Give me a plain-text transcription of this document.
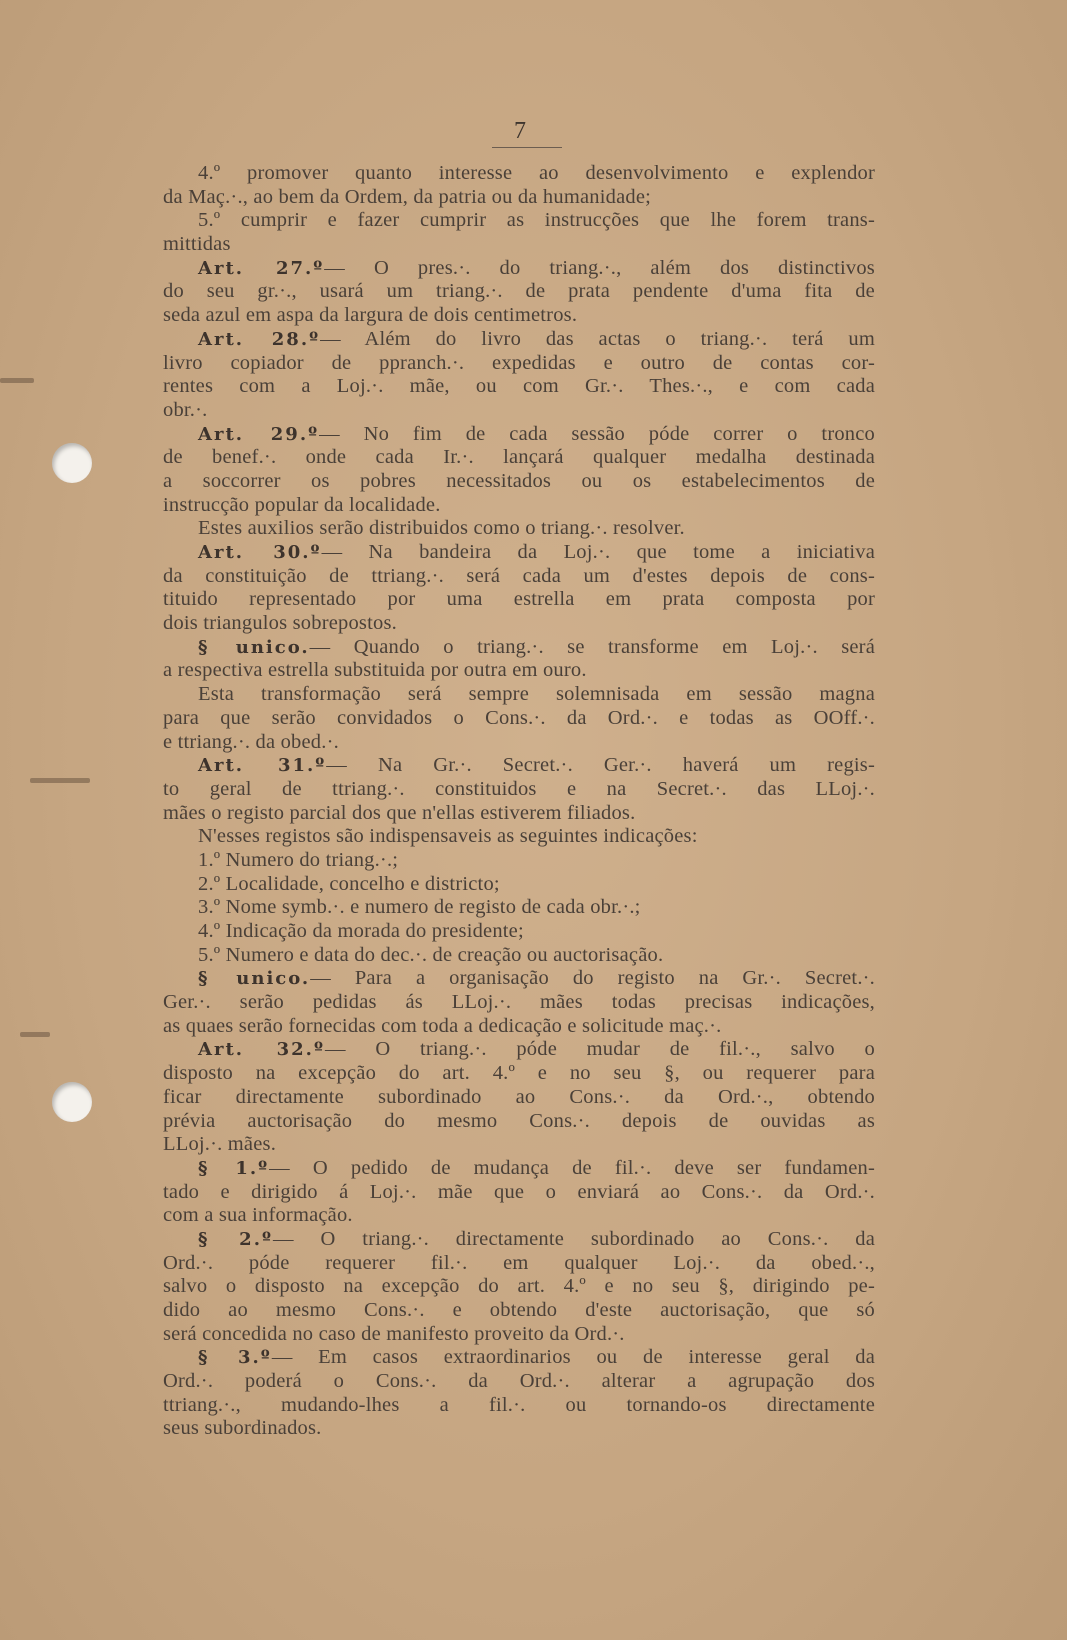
7
4.º promover quanto interesse ao desenvolvimento e explendor
da Maç.·., ao bem da Ordem, da patria ou da humanidade;
5.º cumprir e fazer cumprir as instrucções que lhe forem trans-
mittidas
Art. 27.º— O pres.·. do triang.·., além dos distinctivos
do seu gr.·., usará um triang.·. de prata pendente d'uma fita de
seda azul em aspa da largura de dois centimetros.
Art. 28.º— Além do livro das actas o triang.·. terá um
livro copiador de ppranch.·. expedidas e outro de contas cor-
rentes com a Loj.·. mãe, ou com Gr.·. Thes.·., e com cada
obr.·.
Art. 29.º— No fim de cada sessão póde correr o tronco
de benef.·. onde cada Ir.·. lançará qualquer medalha destinada
a soccorrer os pobres necessitados ou os estabelecimentos de
instrucção popular da localidade.
Estes auxilios serão distribuidos como o triang.·. resolver.
Art. 30.º— Na bandeira da Loj.·. que tome a iniciativa
da constituição de ttriang.·. será cada um d'estes depois de cons-
tituido representado por uma estrella em prata composta por
dois triangulos sobrepostos.
§ unico.— Quando o triang.·. se transforme em Loj.·. será
a respectiva estrella substituida por outra em ouro.
Esta transformação será sempre solemnisada em sessão magna
para que serão convidados o Cons.·. da Ord.·. e todas as OOff.·.
e ttriang.·. da obed.·.
Art. 31.º— Na Gr.·. Secret.·. Ger.·. haverá um regis-
to geral de ttriang.·. constituidos e na Secret.·. das LLoj.·.
mães o registo parcial dos que n'ellas estiverem filiados.
N'esses registos são indispensaveis as seguintes indicações:
1.º Numero do triang.·.;
2.º Localidade, concelho e districto;
3.º Nome symb.·. e numero de registo de cada obr.·.;
4.º Indicação da morada do presidente;
5.º Numero e data do dec.·. de creação ou auctorisação.
§ unico.— Para a organisação do registo na Gr.·. Secret.·.
Ger.·. serão pedidas ás LLoj.·. mães todas precisas indicações,
as quaes serão fornecidas com toda a dedicação e solicitude maç.·.
Art. 32.º— O triang.·. póde mudar de fil.·., salvo o
disposto na excepção do art. 4.º e no seu §, ou requerer para
ficar directamente subordinado ao Cons.·. da Ord.·., obtendo
prévia auctorisação do mesmo Cons.·. depois de ouvidas as
LLoj.·. mães.
§ 1.º— O pedido de mudança de fil.·. deve ser fundamen-
tado e dirigido á Loj.·. mãe que o enviará ao Cons.·. da Ord.·.
com a sua informação.
§ 2.º— O triang.·. directamente subordinado ao Cons.·. da
Ord.·. póde requerer fil.·. em qualquer Loj.·. da obed.·.,
salvo o disposto na excepção do art. 4.º e no seu §, dirigindo pe-
dido ao mesmo Cons.·. e obtendo d'este auctorisação, que só
será concedida no caso de manifesto proveito da Ord.·.
§ 3.º— Em casos extraordinarios ou de interesse geral da
Ord.·. poderá o Cons.·. da Ord.·. alterar a agrupação dos
ttriang.·., mudando-lhes a fil.·. ou tornando-os directamente
seus subordinados.
